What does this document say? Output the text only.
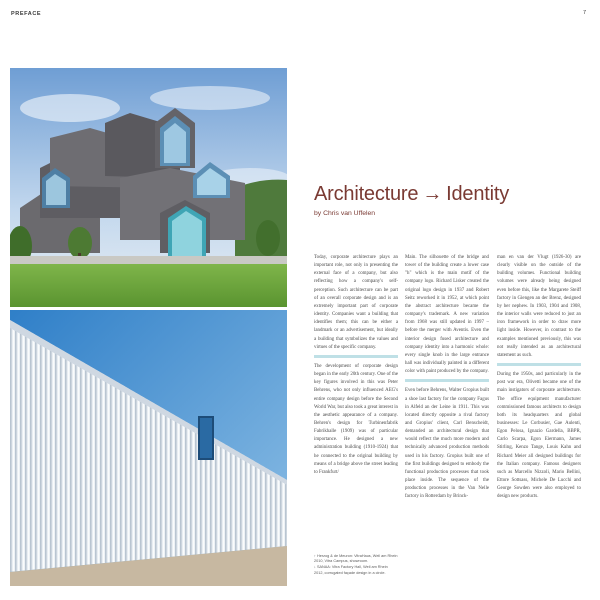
PREFACE	7
Architecture → Identity
by Chris van Uffelen

Today, corporate architecture plays an important role, not only in presenting the external face of a company, but also reflecting how a company's self-perception. Such architecture can be part of an overall corporate design and is an extremely important part of corporate identity. Companies want a building that identifies them; this can be either a landmark or an advertisement, but ideally a building that symbolizes the values and virtues of the specific company.

The development of corporate design began in the early 20th century. One of the key figures involved in this was Peter Behrens, who not only influenced AEG's entire company design before the Second World War, but also took a great interest in the aesthetic appearance of a company. Behren's design for Turbinenfabrik Fabrikhalle (1909) was of particular importance. He designed a new administration building (1910-1924) that he connected to the original building by means of a bridge above the street leading to Frankfurt/

Main. The silhouette of the bridge and tower of the building create a lower case "h" which is the main motif of the company logo. Richard Lisker created the original logo design in 1937 and Robert Seitz reworked it in 1952, at which point the abstract architecture became the company's trademark. A new variation from 1968 was still updated in 1997 – before the merger with Aventis. Even the interior design fused architecture and company identity into a harmonic whole: every single knob in the large entrance hall was individually painted in a different color with paint produced by the company.

Even before Behrens, Walter Gropius built a shoe last factory for the company Fagus in Alfeld an der Leine in 1911. This was located directly opposite a rival factory and Gropius' client, Carl Benscheidt, demanded an architectural design that would reflect the much more modern and technically advanced production methods used in his factory. Gropius built one of the first buildings designed to embody the functional production processes that took place inside. The sequence of the production processes in the Van Nelle factory in Rotterdam by Brinck-

man en van der Vlugt (1926-30) are clearly visible on the outside of the building volumes. Functional building volumes were already being designed even before this, like the Margarete Steiff factory in Giengen an der Brenz, designed by her nephew. In 1903, 1904 and 1908, the interior walls were reduced to just an iron framework in order to draw more light inside. However, in contrast to the examples mentioned previously, this was not really intended as an architectural statement as such.

During the 1950s, and particularly in the post war era, Olivetti became one of the main instigators of corporate architecture. The office equipment manufacturer commissioned famous architects to design both its headquarters and global businesses: Le Corbusier, Gae Aulenti, Egon Pelosa, Ignazio Gardella, BBPR, Carlo Scarpa, Egon Eiermann, James Stirling, Kenzo Tange, Louis Kahn and Richard Meier all designed buildings for the Italian company. Famous designers such as Marcello Nizzoli, Mario Bellini, Ettore Sottsass, Michele De Lucchi and George Sowden were also employed to design new products.

↑ Herzog & de Meuron: VitraHaus, Weil am Rhein 2010, Vitra Campus, showroom.
↓ SANAA: Vitra Factory Hall, Weil am Rhein 2012, corrugated façade design in a circle.
